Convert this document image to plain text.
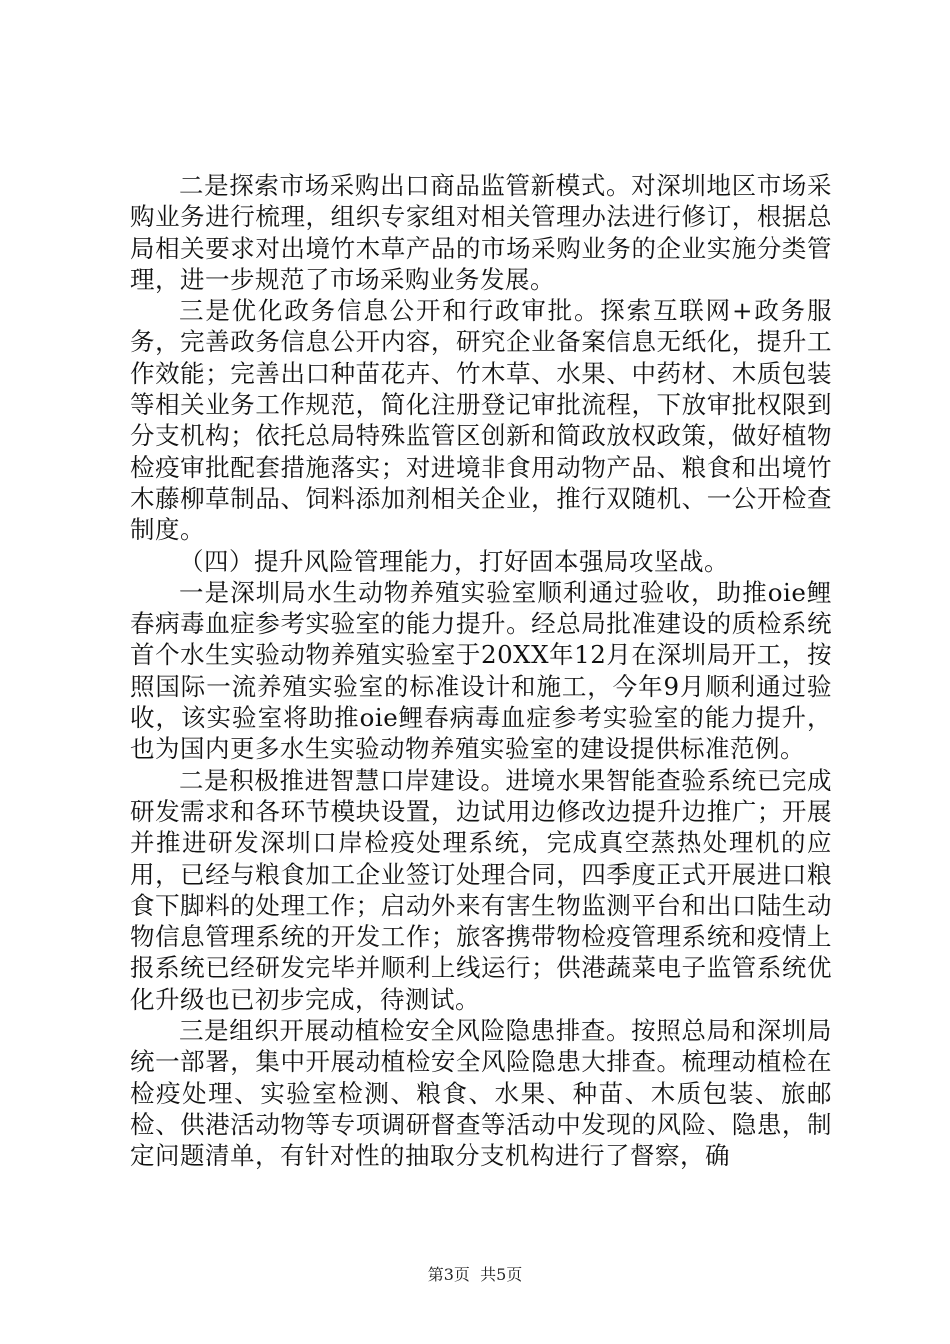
二是探索市场采购出口商品监管新模式。对深圳地区市场采购业务进行梳理，组织专家组对相关管理办法进行修订，根据总局相关要求对出境竹木草产品的市场采购业务的企业实施分类管理，进一步规范了市场采购业务发展。

三是优化政务信息公开和行政审批。探索互联网+政务服务，完善政务信息公开内容，研究企业备案信息无纸化，提升工作效能；完善出口种苗花卉、竹木草、水果、中药材、木质包装等相关业务工作规范，简化注册登记审批流程，下放审批权限到分支机构；依托总局特殊监管区创新和简政放权政策，做好植物检疫审批配套措施落实；对进境非食用动物产品、粮食和出境竹木藤柳草制品、饲料添加剂相关企业，推行双随机、一公开检查制度。

（四）提升风险管理能力，打好固本强局攻坚战。

一是深圳局水生动物养殖实验室顺利通过验收，助推oie鲤春病毒血症参考实验室的能力提升。经总局批准建设的质检系统首个水生实验动物养殖实验室于20XX年12月在深圳局开工，按照国际一流养殖实验室的标准设计和施工，今年9月顺利通过验收，该实验室将助推oie鲤春病毒血症参考实验室的能力提升，也为国内更多水生实验动物养殖实验室的建设提供标准范例。

二是积极推进智慧口岸建设。进境水果智能查验系统已完成研发需求和各环节模块设置，边试用边修改边提升边推广；开展并推进研发深圳口岸检疫处理系统，完成真空蒸热处理机的应用，已经与粮食加工企业签订处理合同，四季度正式开展进口粮食下脚料的处理工作；启动外来有害生物监测平台和出口陆生动物信息管理系统的开发工作；旅客携带物检疫管理系统和疫情上报系统已经研发完毕并顺利上线运行；供港蔬菜电子监管系统优化升级也已初步完成，待测试。

三是组织开展动植检安全风险隐患排查。按照总局和深圳局统一部署，集中开展动植检安全风险隐患大排查。梳理动植检在检疫处理、实验室检测、粮食、水果、种苗、木质包装、旅邮检、供港活动物等专项调研督查等活动中发现的风险、隐患，制定问题清单，有针对性的抽取分支机构进行了督察，确

第3页  共5页
